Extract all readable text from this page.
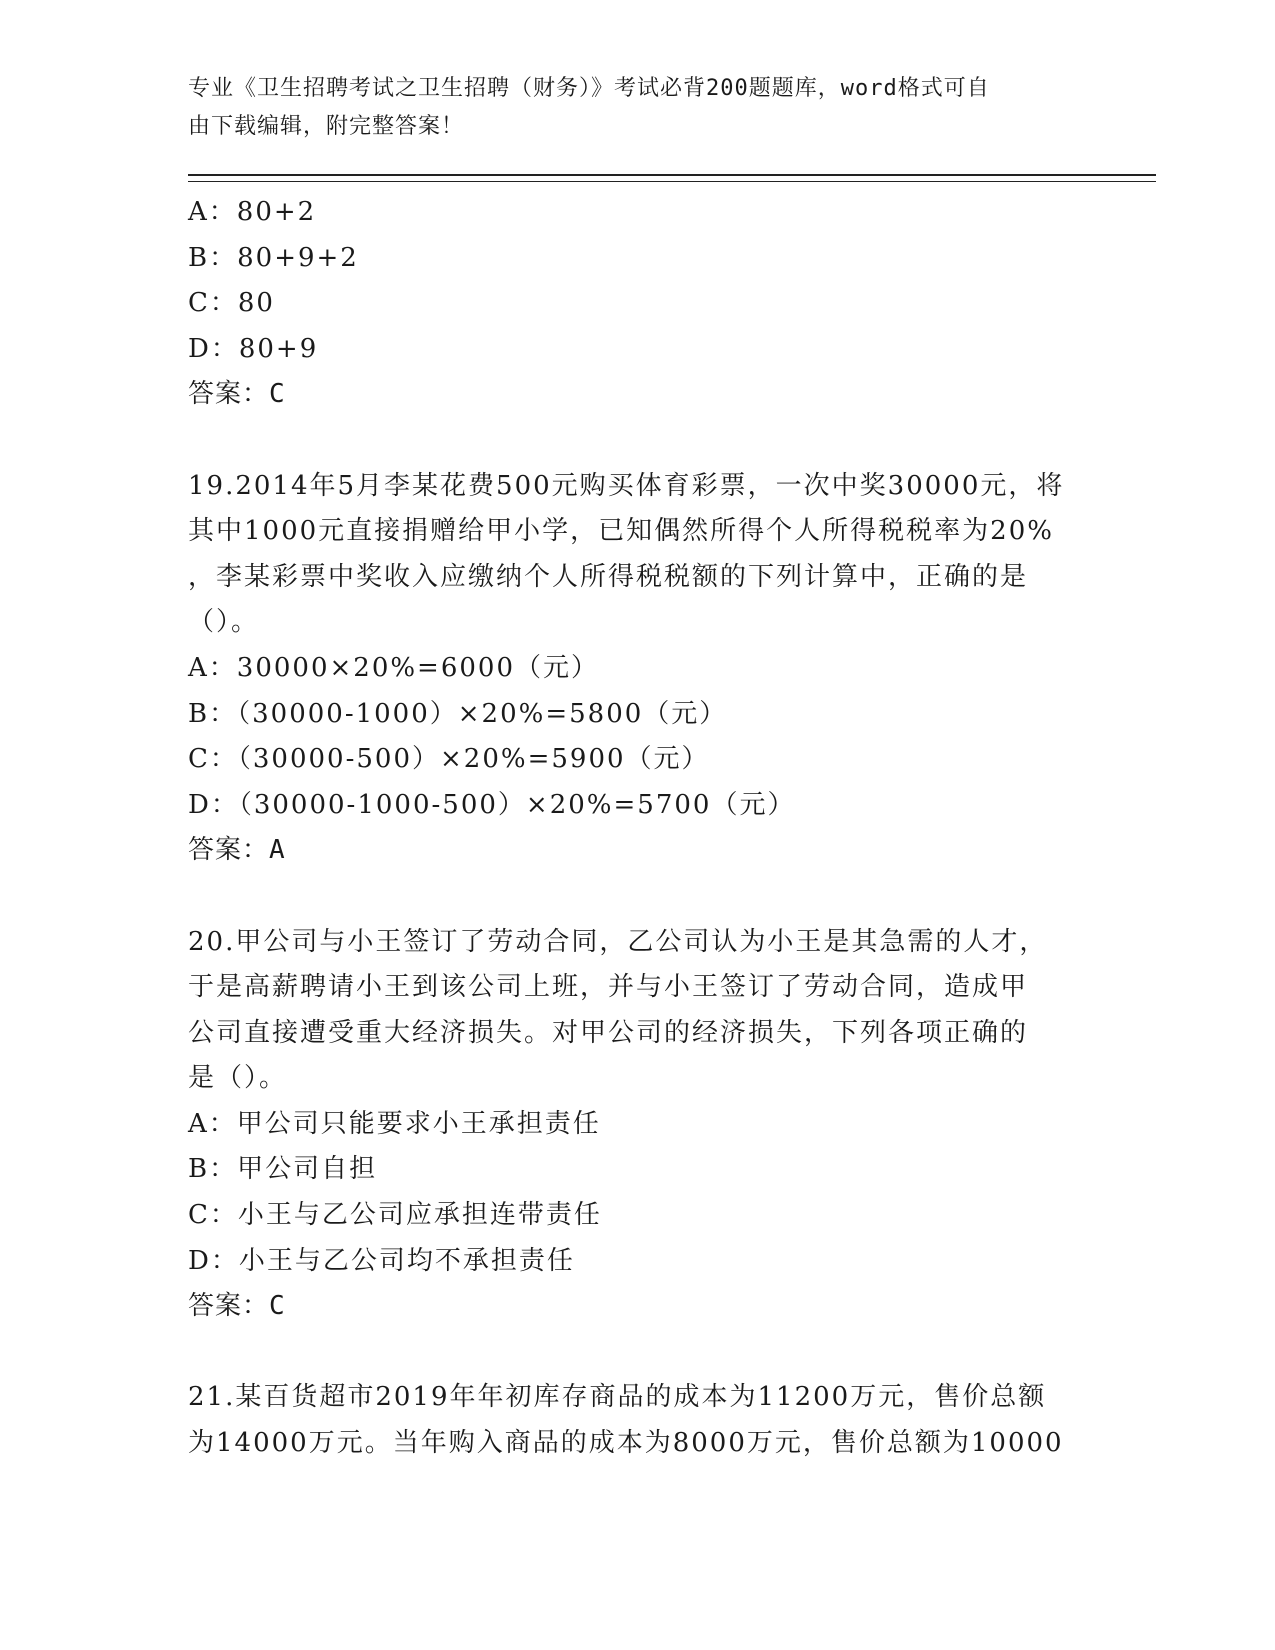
专业《卫生招聘考试之卫生招聘（财务）》考试必背200题题库，word格式可自
由下载编辑，附完整答案！
A：80+2
B：80+9+2
C：80
D：80+9
答案：C
19.2014年5月李某花费500元购买体育彩票，一次中奖30000元，将
其中1000元直接捐赠给甲小学，已知偶然所得个人所得税税率为20%
，李某彩票中奖收入应缴纳个人所得税税额的下列计算中，正确的是
（）。
A：30000×20%=6000（元）
B：（30000-1000）×20%=5800（元）
C：（30000-500）×20%=5900（元）
D：（30000-1000-500）×20%=5700（元）
答案：A
20.甲公司与小王签订了劳动合同，乙公司认为小王是其急需的人才，
于是高薪聘请小王到该公司上班，并与小王签订了劳动合同，造成甲
公司直接遭受重大经济损失。对甲公司的经济损失，下列各项正确的
是（）。
A：甲公司只能要求小王承担责任
B：甲公司自担
C：小王与乙公司应承担连带责任
D：小王与乙公司均不承担责任
答案：C
21.某百货超市2019年年初库存商品的成本为11200万元，售价总额
为14000万元。当年购入商品的成本为8000万元，售价总额为10000
